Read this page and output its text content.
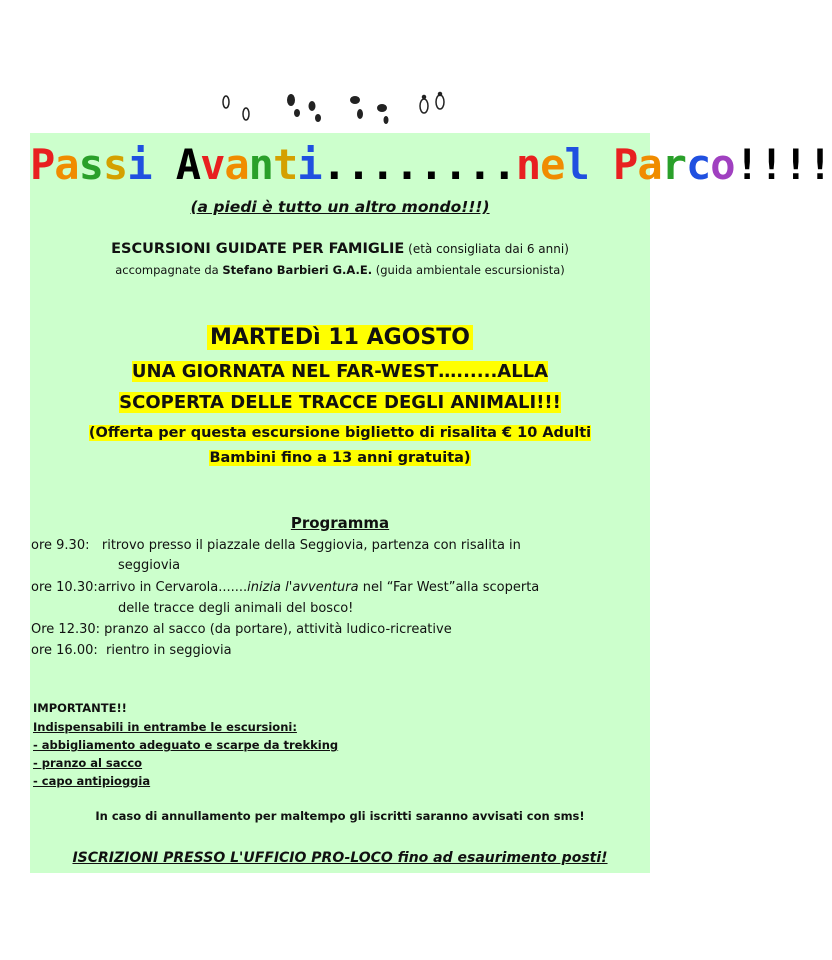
Passi Avanti........nel Parco!!!!
(a piedi è tutto un altro mondo!!!)
ESCURSIONI GUIDATE PER FAMIGLIE (età consigliata dai 6 anni)
accompagnate da Stefano Barbieri G.A.E. (guida ambientale escursionista)
MARTEDì 11 AGOSTO
UNA GIORNATA NEL FAR-WEST…......ALLA
SCOPERTA DELLE TRACCE DEGLI ANIMALI!!!
(Offerta per questa escursione biglietto di risalita € 10 Adulti
Bambini fino a 13 anni gratuita)
Programma
ore 9.30: ritrovo presso il piazzale della Seggiovia, partenza con risalita in
seggiovia
ore 10.30:arrivo in Cervarola.......inizia l'avventura nel “Far West”alla scoperta
delle tracce degli animali del bosco!
Ore 12.30: pranzo al sacco (da portare), attività ludico-ricreative
ore 16.00: rientro in seggiovia
IMPORTANTE!!
Indispensabili in entrambe le escursioni:
- abbigliamento adeguato e scarpe da trekking
- pranzo al sacco
- capo antipioggia
In caso di annullamento per maltempo gli iscritti saranno avvisati con sms!
ISCRIZIONI PRESSO L'UFFICIO PRO-LOCO fino ad esaurimento posti!
